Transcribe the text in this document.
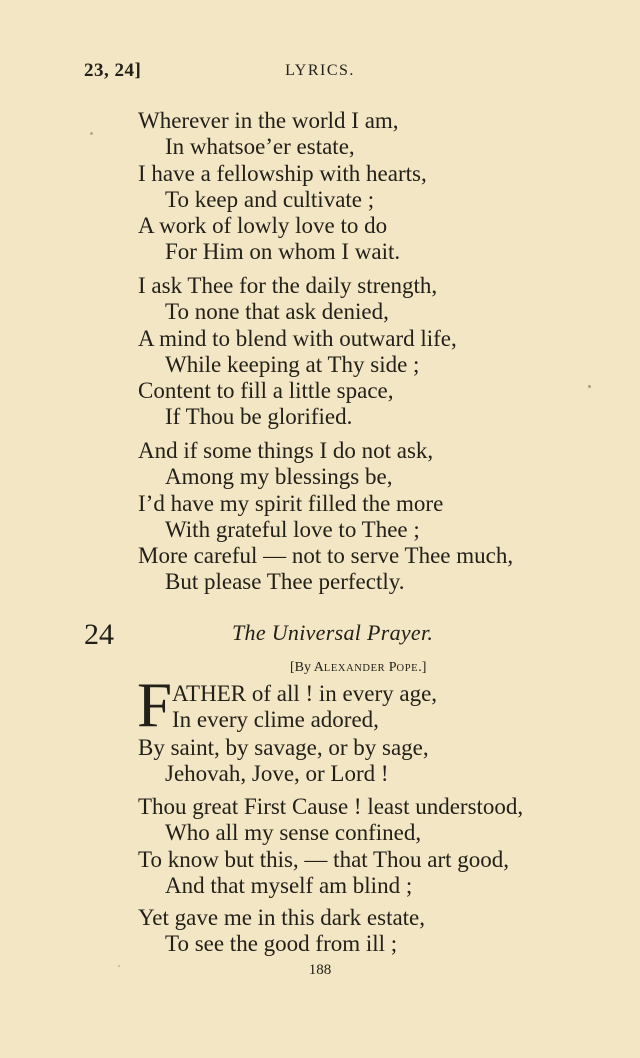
23, 24]	LYRICS.
Wherever in the world I am,
In whatsoe’er estate,
I have a fellowship with hearts,
To keep and cultivate ;
A work of lowly love to do
For Him on whom I wait.
I ask Thee for the daily strength,
To none that ask denied,
A mind to blend with outward life,
While keeping at Thy side ;
Content to fill a little space,
If Thou be glorified.
And if some things I do not ask,
Among my blessings be,
I’d have my spirit filled the more
With grateful love to Thee ;
More careful — not to serve Thee much,
But please Thee perfectly.
24	The Universal Prayer.
[By ALEXANDER POPE.]
F ATHER of all ! in every age,
In every clime adored,
By saint, by savage, or by sage,
Jehovah, Jove, or Lord !
Thou great First Cause ! least understood,
Who all my sense confined,
To know but this, — that Thou art good,
And that myself am blind ;
Yet gave me in this dark estate,
To see the good from ill ;
188
